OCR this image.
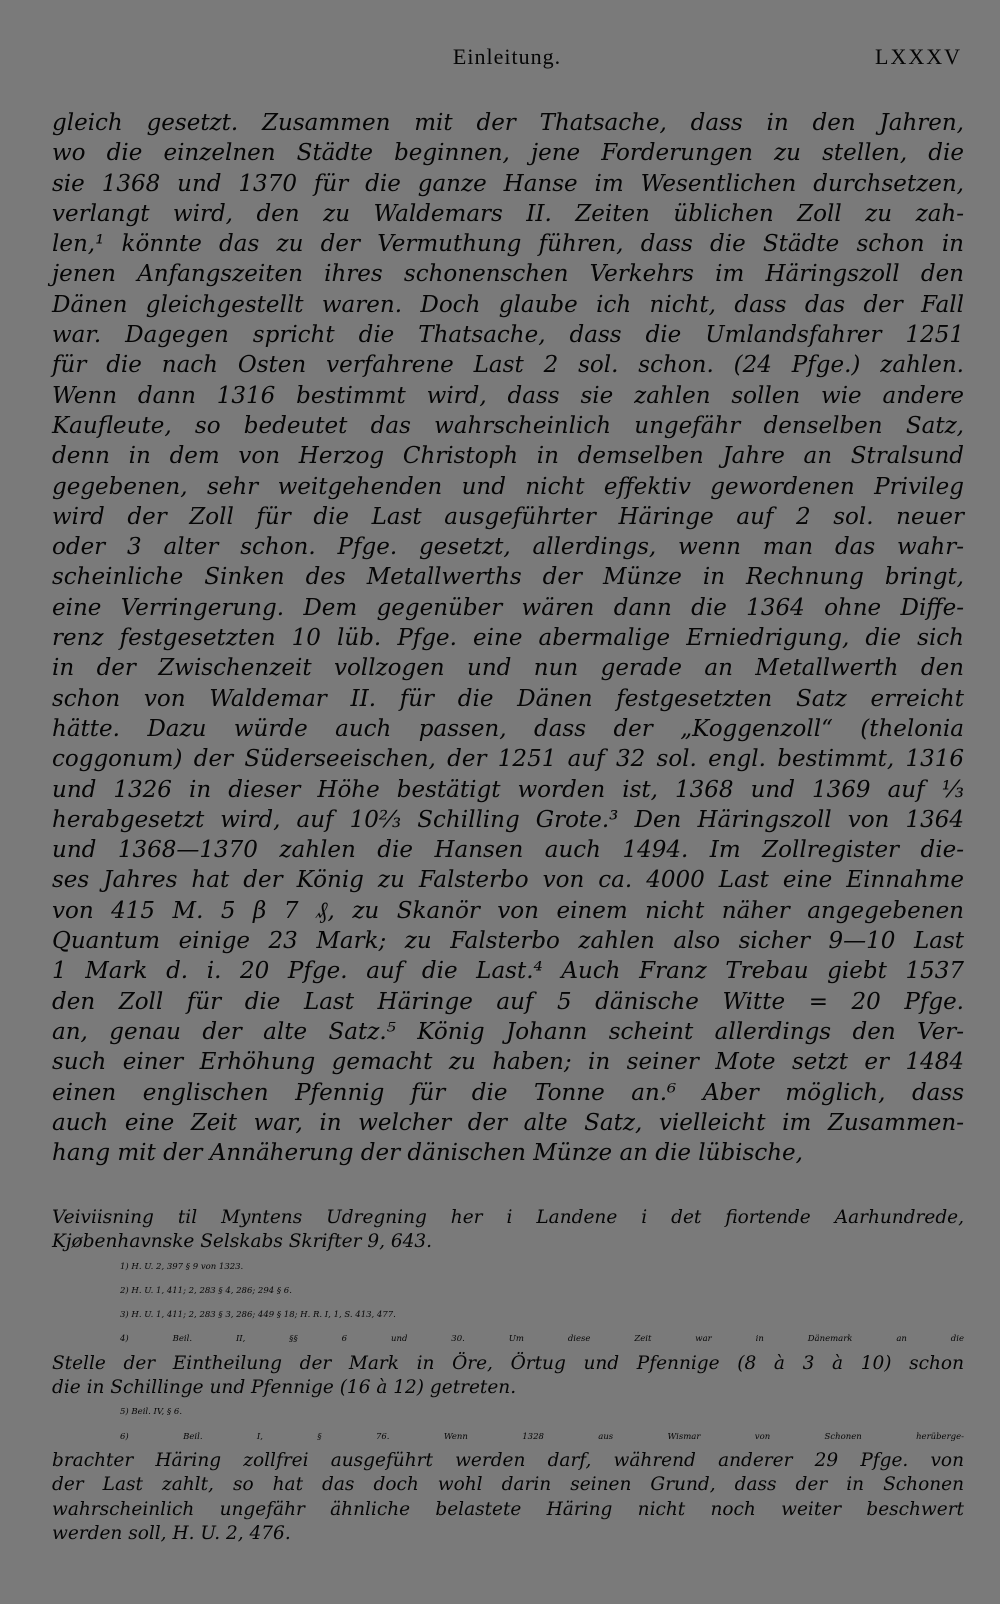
Einleitung.	LXXXV
gleich gesetzt. Zusammen mit der Thatsache, dass in den Jahren,
wo die einzelnen Städte beginnen, jene Forderungen zu stellen, die
sie 1368 und 1370 für die ganze Hanse im Wesentlichen durchsetzen,
verlangt wird, den zu Waldemars II. Zeiten üblichen Zoll zu zah-
len,¹ könnte das zu der Vermuthung führen, dass die Städte schon in
jenen Anfangszeiten ihres schonenschen Verkehrs im Häringszoll den
Dänen gleichgestellt waren. Doch glaube ich nicht, dass das der Fall
war. Dagegen spricht die Thatsache, dass die Umlandsfahrer 1251
für die nach Osten verfahrene Last 2 sol. schon. (24 Pfge.) zahlen.
Wenn dann 1316 bestimmt wird, dass sie zahlen sollen wie andere
Kaufleute, so bedeutet das wahrscheinlich ungefähr denselben Satz,
denn in dem von Herzog Christoph in demselben Jahre an Stralsund
gegebenen, sehr weitgehenden und nicht effektiv gewordenen Privileg
wird der Zoll für die Last ausgeführter Häringe auf 2 sol. neuer
oder 3 alter schon. Pfge. gesetzt, allerdings, wenn man das wahr-
scheinliche Sinken des Metallwerths der Münze in Rechnung bringt,
eine Verringerung. Dem gegenüber wären dann die 1364 ohne Diffe-
renz festgesetzten 10 lüb. Pfge. eine abermalige Erniedrigung, die sich
in der Zwischenzeit vollzogen und nun gerade an Metallwerth den
schon von Waldemar II. für die Dänen festgesetzten Satz erreicht
hätte. Dazu würde auch passen, dass der „Koggenzoll“ (thelonia
coggonum) der Süderseeischen, der 1251 auf 32 sol. engl. bestimmt, 1316
und 1326 in dieser Höhe bestätigt worden ist, 1368 und 1369 auf ⅓
herabgesetzt wird, auf 10⅔ Schilling Grote.³ Den Häringszoll von 1364
und 1368—1370 zahlen die Hansen auch 1494. Im Zollregister die-
ses Jahres hat der König zu Falsterbo von ca. 4000 Last eine Einnahme
von 415 M. 5 β 7 ₰, zu Skanör von einem nicht näher angegebenen
Quantum einige 23 Mark; zu Falsterbo zahlen also sicher 9—10 Last
1 Mark d. i. 20 Pfge. auf die Last.⁴ Auch Franz Trebau giebt 1537
den Zoll für die Last Häringe auf 5 dänische Witte = 20 Pfge.
an, genau der alte Satz.⁵ König Johann scheint allerdings den Ver-
such einer Erhöhung gemacht zu haben; in seiner Mote setzt er 1484
einen englischen Pfennig für die Tonne an.⁶ Aber möglich, dass
auch eine Zeit war, in welcher der alte Satz, vielleicht im Zusammen-
hang mit der Annäherung der dänischen Münze an die lübische,
Veiviisning til Myntens Udregning her i Landene i det fiortende Aarhundrede,
Kjøbenhavnske Selskabs Skrifter 9, 643.
1) H. U. 2, 397 § 9 von 1323.
2) H. U. 1, 411; 2, 283 § 4, 286; 294 § 6.
3) H. U. 1, 411; 2, 283 § 3, 286; 449 § 18; H. R. I, 1, S. 413, 477.
4) Beil. II, §§ 6 und 30. Um diese Zeit war in Dänemark an die
Stelle der Eintheilung der Mark in Öre, Örtug und Pfennige (8 à 3 à 10) schon
die in Schillinge und Pfennige (16 à 12) getreten.
5) Beil. IV, § 6.
6) Beil. I, § 76. Wenn 1328 aus Wismar von Schonen herüberge-
brachter Häring zollfrei ausgeführt werden darf, während anderer 29 Pfge. von
der Last zahlt, so hat das doch wohl darin seinen Grund, dass der in Schonen
wahrscheinlich ungefähr ähnliche belastete Häring nicht noch weiter beschwert
werden soll, H. U. 2, 476.
